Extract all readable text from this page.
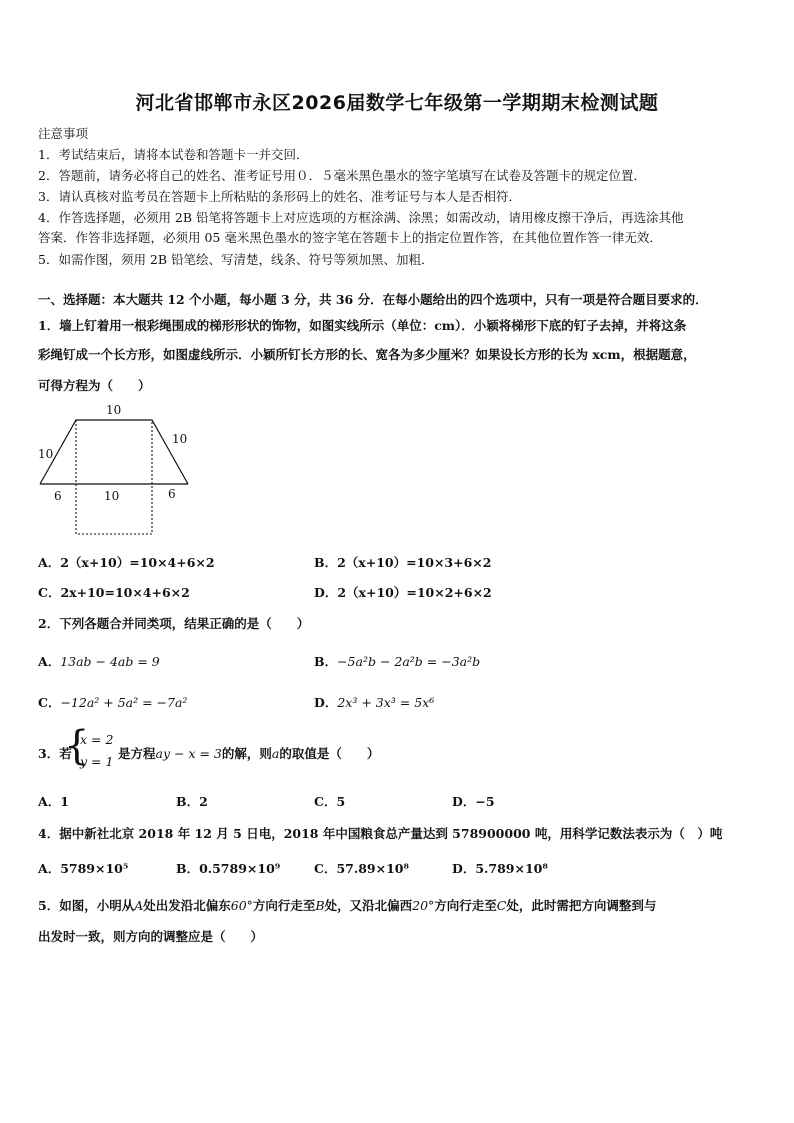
河北省邯郸市永区2026届数学七年级第一学期期末检测试题
注意事项
1．考试结束后，请将本试卷和答题卡一并交回．
2．答题前，请务必将自己的姓名、准考证号用０．５毫米黑色墨水的签字笔填写在试卷及答题卡的规定位置．
3．请认真核对监考员在答题卡上所粘贴的条形码上的姓名、准考证号与本人是否相符．
4．作答选择题，必须用 2B 铅笔将答题卡上对应选项的方框涂满、涂黑；如需改动，请用橡皮擦干净后，再选涂其他
答案．作答非选择题，必须用 05 毫米黑色墨水的签字笔在答题卡上的指定位置作答，在其他位置作答一律无效．
5．如需作图，须用 2B 铅笔绘、写清楚，线条、符号等须加黑、加粗．
一、选择题：本大题共 12 个小题，每小题 3 分，共 36 分．在每小题给出的四个选项中，只有一项是符合题目要求的．
1．墙上钉着用一根彩绳围成的梯形形状的饰物，如图实线所示（单位：cm）．小颖将梯形下底的钉子去掉，并将这条
彩绳钉成一个长方形，如图虚线所示．小颖所钉长方形的长、宽各为多少厘米？如果设长方形的长为 xcm，根据题意，
可得方程为（　　）
10
10
10
6	10	6
A．2（x+10）=10×4+6×2	B．2（x+10）=10×3+6×2
C．2x+10=10×4+6×2	D．2（x+10）=10×2+6×2
2．下列各题合并同类项，结果正确的是（　　）
A．13ab − 4ab = 9	B．−5a²b − 2a²b = −3a²b
C．−12a² + 5a² = −7a²	D．2x³ + 3x³ = 5x⁶
3．若
{
x = 2
y = 1
是方程ay − x = 3的解，则a的取值是（　　）
A．1	B．2	C．5	D．−5
4．据中新社北京 2018 年 12 月 5 日电，2018 年中国粮食总产量达到 578900000 吨，用科学记数法表示为（　）吨
A．5789×10⁵	B．0.5789×10⁹	C．57.89×10⁸	D．5.789×10⁸
5．如图，小明从A处出发沿北偏东60°方向行走至B处，又沿北偏西20°方向行走至C处，此时需把方向调整到与
出发时一致，则方向的调整应是（　　）
